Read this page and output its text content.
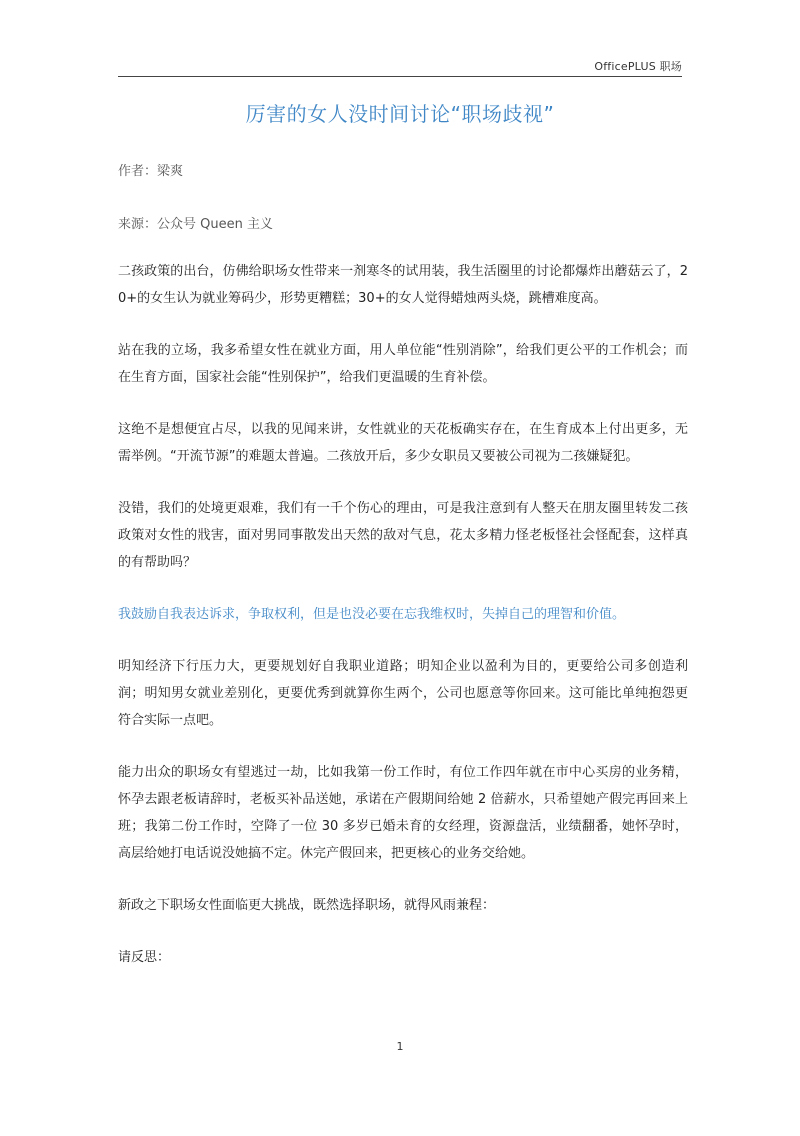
OfficePLUS 职场
厉害的女人没时间讨论“职场歧视”
作者：梁爽
来源：公众号 Queen 主义

二孩政策的出台，仿佛给职场女性带来一剂寒冬的试用装，我生活圈里的讨论都爆炸出蘑菇云了，20+的女生认为就业筹码少，形势更糟糕；30+的女人觉得蜡烛两头烧，跳槽难度高。

站在我的立场，我多希望女性在就业方面，用人单位能“性别消除”，给我们更公平的工作机会；而在生育方面，国家社会能“性别保护”，给我们更温暖的生育补偿。

这绝不是想便宜占尽，以我的见闻来讲，女性就业的天花板确实存在，在生育成本上付出更多，无需举例。“开流节源”的难题太普遍。二孩放开后，多少女职员又要被公司视为二孩嫌疑犯。

没错，我们的处境更艰难，我们有一千个伤心的理由，可是我注意到有人整天在朋友圈里转发二孩政策对女性的戕害，面对男同事散发出天然的敌对气息，花太多精力怪老板怪社会怪配套，这样真的有帮助吗？

我鼓励自我表达诉求，争取权利，但是也没必要在忘我维权时，失掉自己的理智和价值。

明知经济下行压力大，更要规划好自我职业道路；明知企业以盈利为目的，更要给公司多创造利润；明知男女就业差别化，更要优秀到就算你生两个，公司也愿意等你回来。这可能比单纯抱怨更符合实际一点吧。

能力出众的职场女有望逃过一劫，比如我第一份工作时，有位工作四年就在市中心买房的业务精，怀孕去跟老板请辞时，老板买补品送她，承诺在产假期间给她 2 倍薪水，只希望她产假完再回来上班；我第二份工作时，空降了一位 30 多岁已婚未育的女经理，资源盘活，业绩翻番，她怀孕时，高层给她打电话说没她搞不定。休完产假回来，把更核心的业务交给她。

新政之下职场女性面临更大挑战，既然选择职场，就得风雨兼程：

请反思：

1
